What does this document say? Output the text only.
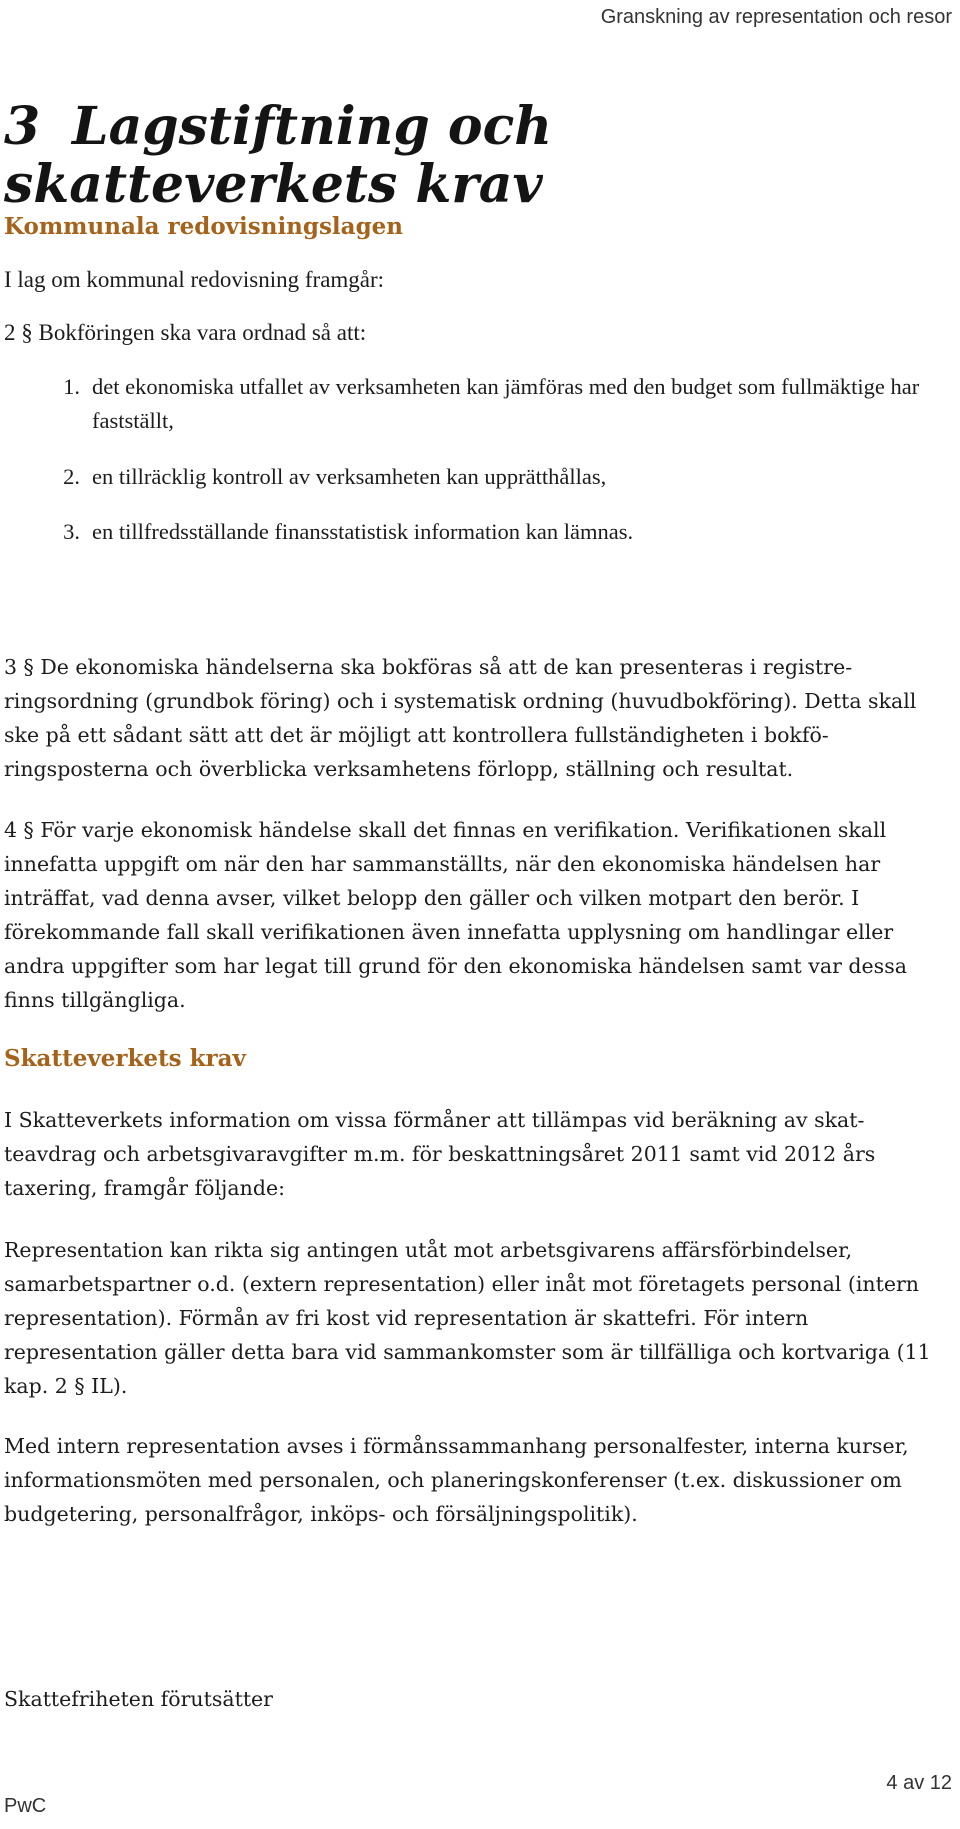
Granskning av representation och resor
3 Lagstiftning och skatteverkets krav
Kommunala redovisningslagen

I lag om kommunal redovisning framgår:

2 § Bokföringen ska vara ordnad så att:

1. det ekonomiska utfallet av verksamheten kan jämföras med den budget som fullmäktige har fastställt,
2. en tillräcklig kontroll av verksamheten kan upprätthållas,
3. en tillfredsställande finansstatistisk information kan lämnas.

3 § De ekonomiska händelserna ska bokföras så att de kan presenteras i registreringsordning (grundbok föring) och i systematisk ordning (huvudbokföring). Detta skall ske på ett sådant sätt att det är möjligt att kontrollera fullständigheten i bokföringsposterna och överblicka verksamhetens förlopp, ställning och resultat.

4 § För varje ekonomisk händelse skall det finnas en verifikation. Verifikationen skall innefatta uppgift om när den har sammanställts, när den ekonomiska händelsen har inträffat, vad denna avser, vilket belopp den gäller och vilken motpart den berör. I förekommande fall skall verifikationen även innefatta upplysning om handlingar eller andra uppgifter som har legat till grund för den ekonomiska händelsen samt var dessa finns tillgängliga.

Skatteverkets krav

I Skatteverkets information om vissa förmåner att tillämpas vid beräkning av skatteavdrag och arbetsgivaravgifter m.m. för beskattningsåret 2011 samt vid 2012 års taxering, framgår följande:

Representation kan rikta sig antingen utåt mot arbetsgivarens affärsförbindelser, samarbetspartner o.d. (extern representation) eller inåt mot företagets personal (intern representation). Förmån av fri kost vid representation är skattefri. För intern representation gäller detta bara vid sammankomster som är tillfälliga och kortvariga (11 kap. 2 § IL).

Med intern representation avses i förmånssammanhang personalfester, interna kurser, informationsmöten med personalen, och planeringskonferenser (t.ex. diskussioner om budgetering, personalfrågor, inköps- och försäljningspolitik).

Skattefriheten förutsätter

4 av 12
PwC
